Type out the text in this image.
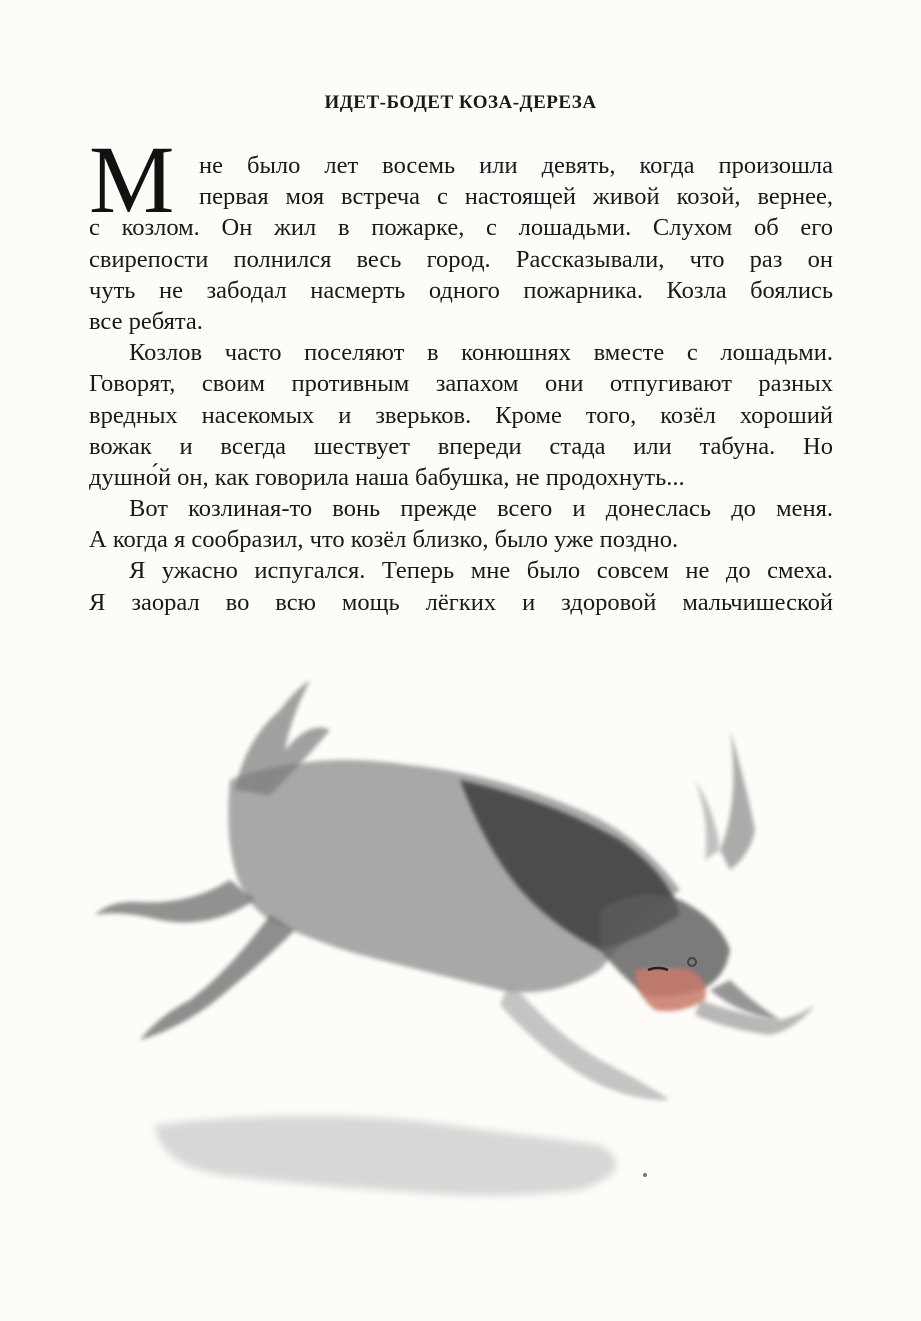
ИДЕТ-БОДЕТ КОЗА-ДЕРЕЗА
М	не было лет восемь или девять, когда произошла
первая моя встреча с настоящей живой козой, вернее,
с козлом. Он жил в пожарке, с лошадьми. Слухом об его
свирепости полнился весь город. Рассказывали, что раз он
чуть не забодал насмерть одного пожарника. Козла боялись
все ребята.
Козлов часто поселяют в конюшнях вместе с лошадьми.
Говорят, своим противным запахом они отпугивают разных
вредных насекомых и зверьков. Кроме того, козёл хороший
вожак и всегда шествует впереди стада или табуна. Но
душно́й он, как говорила наша бабушка, не продохнуть...
Вот козлиная-то вонь прежде всего и донеслась до меня.
А когда я сообразил, что козёл близко, было уже поздно.
Я ужасно испугался. Теперь мне было совсем не до смеха.
Я заорал во всю мощь лёгких и здоровой мальчишеской
